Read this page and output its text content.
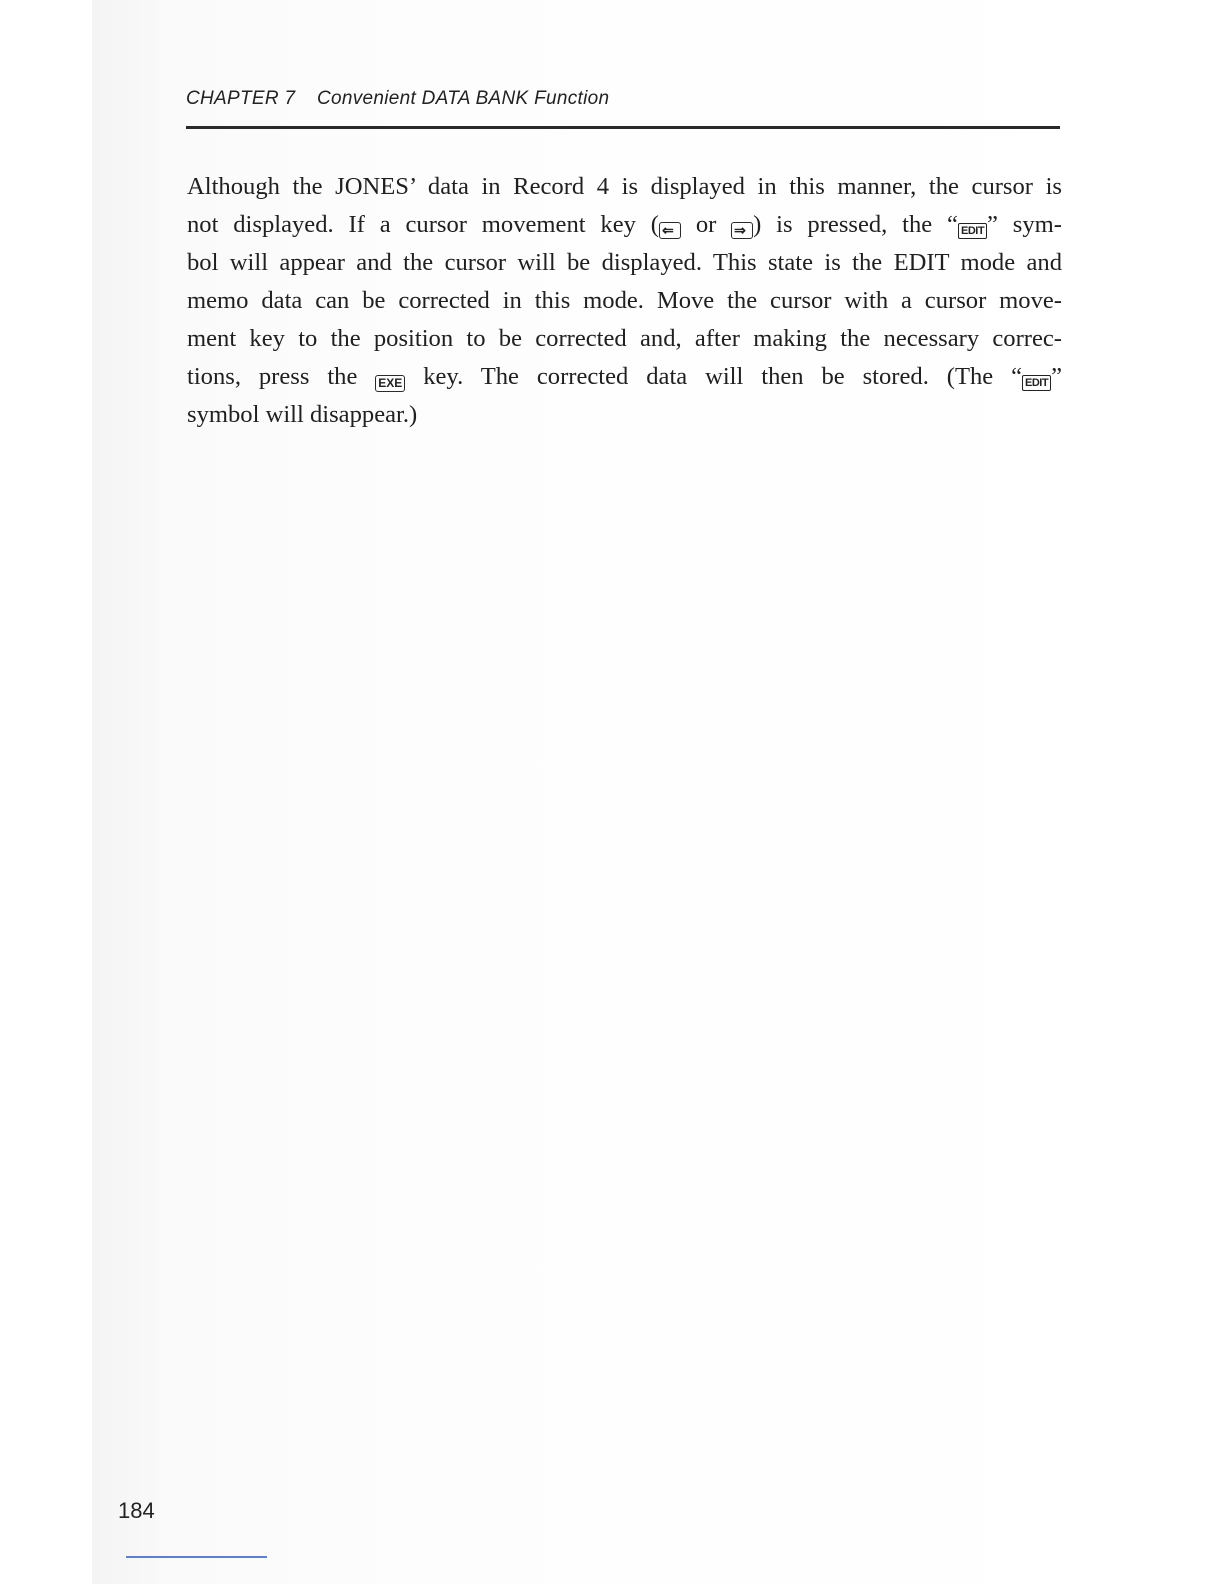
CHAPTER 7 Convenient DATA BANK Function
Although the JONES’ data in Record 4 is displayed in this manner, the cursor is
not displayed. If a cursor movement key ( ⇐ or ⇒ ) is pressed, the “ EDIT ” sym-
bol will appear and the cursor will be displayed. This state is the EDIT mode and
memo data can be corrected in this mode. Move the cursor with a cursor move-
ment key to the position to be corrected and, after making the necessary correc-
tions, press the EXE key. The corrected data will then be stored. (The “ EDIT ”
symbol will disappear.)
184
